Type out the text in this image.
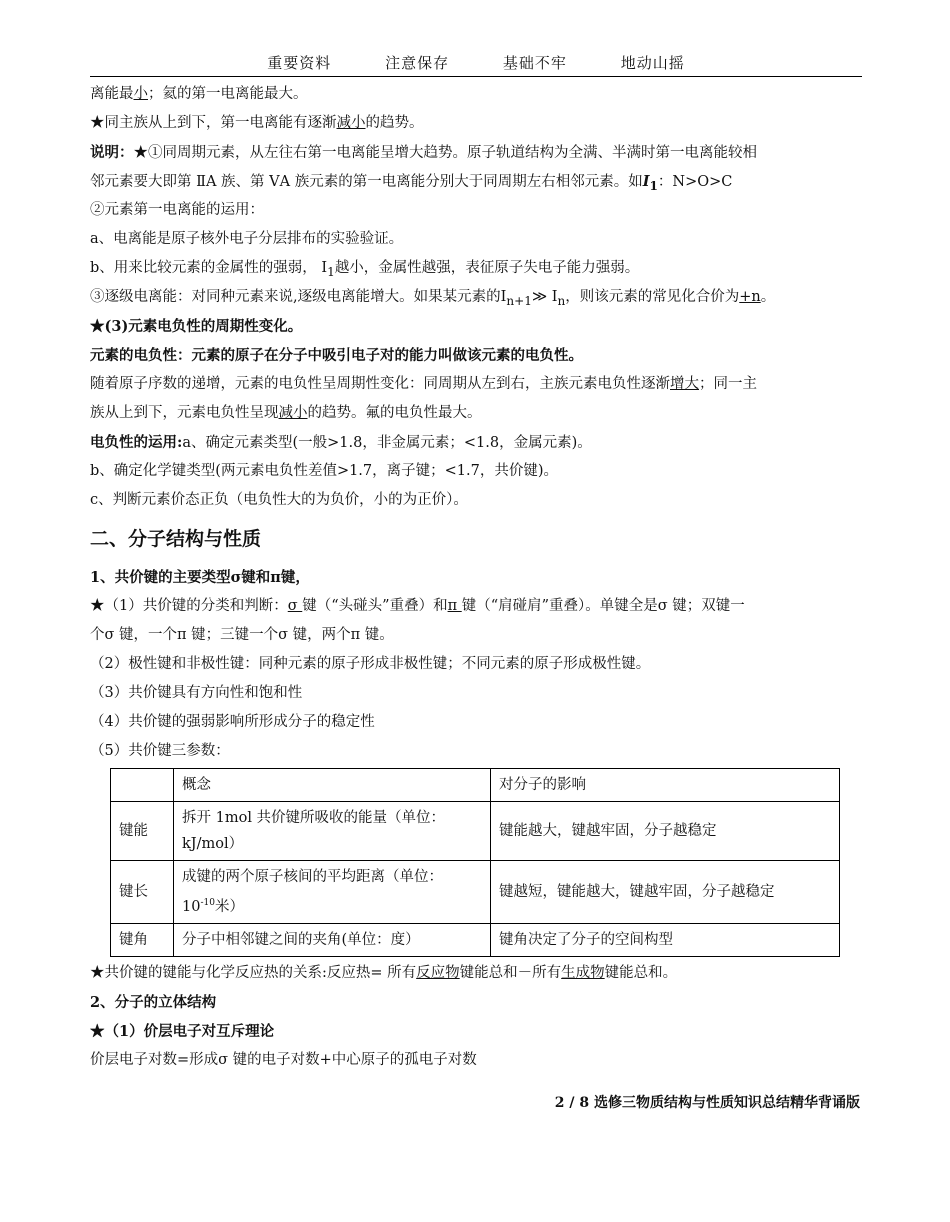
重要资料	注意保存	基础不牢	地动山摇
离能最小；氦的第一电离能最大。
★同主族从上到下，第一电离能有逐渐减小的趋势。
说明：★①同周期元素，从左往右第一电离能呈增大趋势。原子轨道结构为全满、半满时第一电离能较相
邻元素要大即第 ⅡA 族、第 ⅤA 族元素的第一电离能分别大于同周期左右相邻元素。如$I_1$：N>O>C
②元素第一电离能的运用：
a、电离能是原子核外电子分层排布的实验验证。
b、用来比较元素的金属性的强弱， $I_1$越小，金属性越强，表征原子失电子能力强弱。
③逐级电离能：对同种元素来说,逐级电离能增大。如果某元素的$I_{n+1}≫$ $I_n$，则该元素的常见化合价为+n。
★(3)元素电负性的周期性变化。
元素的电负性：元素的原子在分子中吸引电子对的能力叫做该元素的电负性。
随着原子序数的递增，元素的电负性呈周期性变化：同周期从左到右，主族元素电负性逐渐增大；同一主
族从上到下，元素电负性呈现减小的趋势。氟的电负性最大。
电负性的运用:a、确定元素类型(一般>1.8，非金属元素；<1.8，金属元素)。
b、确定化学键类型(两元素电负性差值>1.7，离子键；<1.7，共价键)。
c、判断元素价态正负（电负性大的为负价，小的为正价）。
二、分子结构与性质
1、共价键的主要类型σ键和π键，
★（1）共价键的分类和判断：σ 键（“头碰头”重叠）和π 键（“肩碰肩”重叠）。单键全是σ 键；双键一
个σ 键，一个π 键；三键一个σ 键，两个π 键。
（2）极性键和非极性键：同种元素的原子形成非极性键；不同元素的原子形成极性键。
（3）共价键具有方向性和饱和性
（4）共价键的强弱影响所形成分子的稳定性
（5）共价键三参数：
	概念	对分子的影响
键能	拆开 1mol 共价键所吸收的能量（单位：
kJ/mol）	键能越大，键越牢固，分子越稳定
键长	成键的两个原子核间的平均距离（单位：
$10^{-10}$米）	键越短，键能越大，键越牢固，分子越稳定
键角	分子中相邻键之间的夹角(单位：度）	键角决定了分子的空间构型
★共价键的键能与化学反应热的关系:反应热= 所有反应物键能总和－所有生成物键能总和。
2、分子的立体结构
★（1）价层电子对互斥理论
价层电子对数=形成σ 键的电子对数+中心原子的孤电子对数
2 / 8 选修三物质结构与性质知识总结精华背诵版
